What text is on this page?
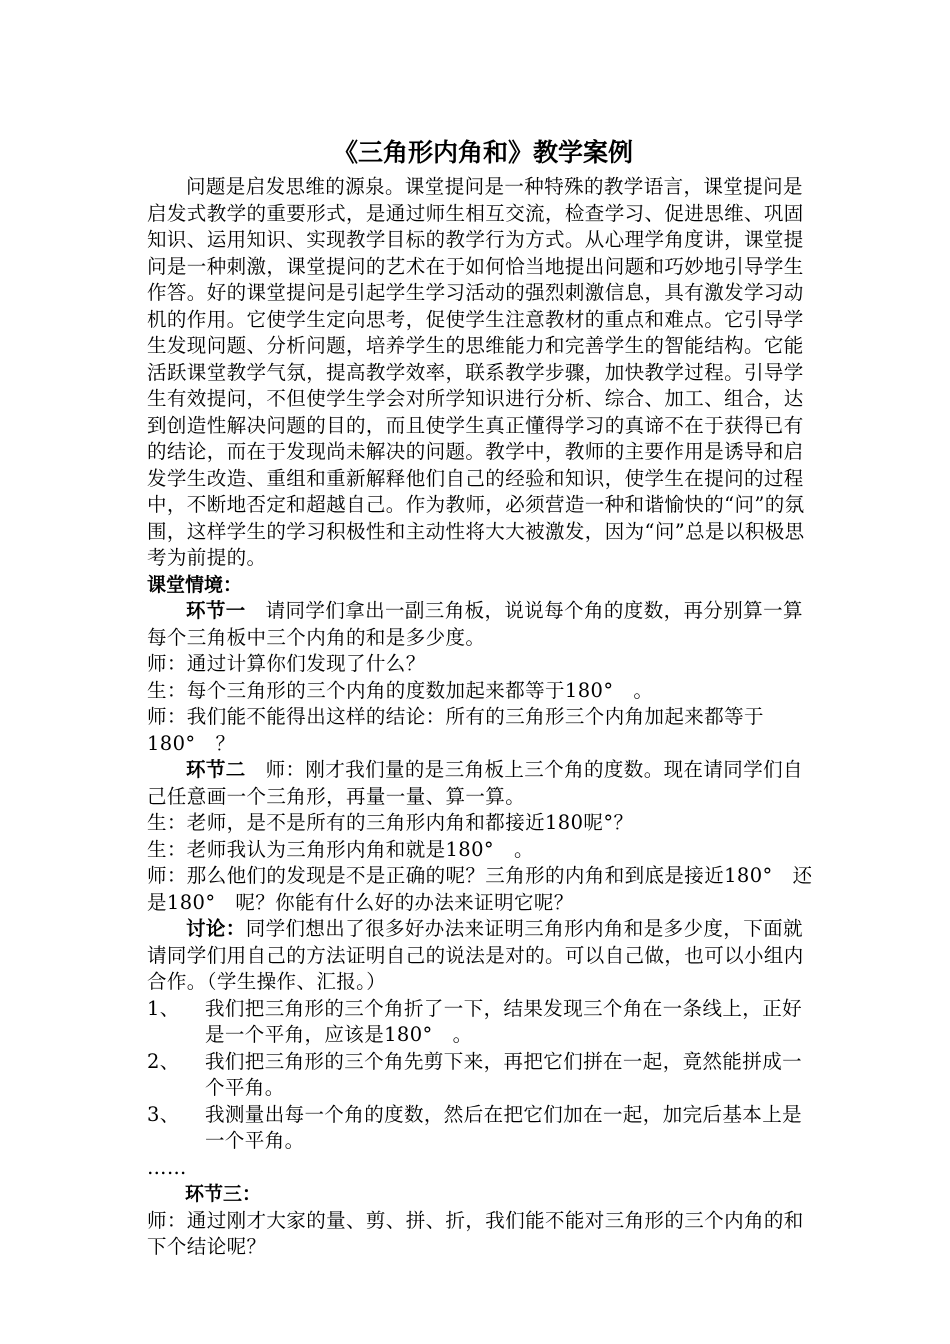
《三角形内角和》教学案例

问题是启发思维的源泉。课堂提问是一种特殊的教学语言，课堂提问是启发式教学的重要形式，是通过师生相互交流，检查学习、促进思维、巩固知识、运用知识、实现教学目标的教学行为方式。从心理学角度讲，课堂提问是一种刺激，课堂提问的艺术在于如何恰当地提出问题和巧妙地引导学生作答。好的课堂提问是引起学生学习活动的强烈刺激信息，具有激发学习动机的作用。它使学生定向思考，促使学生注意教材的重点和难点。它引导学生发现问题、分析问题，培养学生的思维能力和完善学生的智能结构。它能活跃课堂教学气氛，提高教学效率，联系教学步骤，加快教学过程。引导学生有效提问，不但使学生学会对所学知识进行分析、综合、加工、组合，达到创造性解决问题的目的，而且使学生真正懂得学习的真谛不在于获得已有的结论，而在于发现尚未解决的问题。教学中，教师的主要作用是诱导和启发学生改造、重组和重新解释他们自己的经验和知识，使学生在提问的过程中，不断地否定和超越自己。作为教师，必须营造一种和谐愉快的“问”的氛围，这样学生的学习积极性和主动性将大大被激发，因为“问”总是以积极思考为前提的。

课堂情境：

环节一　请同学们拿出一副三角板，说说每个角的度数，再分别算一算每个三角板中三个内角的和是多少度。

师：通过计算你们发现了什么？

生：每个三角形的三个内角的度数加起来都等于180°　。

师：我们能不能得出这样的结论：所有的三角形三个内角加起来都等于180°　？

环节二　师：刚才我们量的是三角板上三个角的度数。现在请同学们自己任意画一个三角形，再量一量、算一算。

生：老师，是不是所有的三角形内角和都接近180呢°？

生：老师我认为三角形内角和就是180°　。

师：那么他们的发现是不是正确的呢？三角形的内角和到底是接近180°　还是180°　呢？你能有什么好的办法来证明它呢？

讨论：同学们想出了很多好办法来证明三角形内角和是多少度，下面就请同学们用自己的方法证明自己的说法是对的。可以自己做，也可以小组内合作。（学生操作、汇报。）

1、 我们把三角形的三个角折了一下，结果发现三个角在一条线上，正好是一个平角，应该是180°　。

2、 我们把三角形的三个角先剪下来，再把它们拼在一起，竟然能拼成一个平角。

3、 我测量出每一个角的度数，然后在把它们加在一起，加完后基本上是一个平角。

……

环节三：

师：通过刚才大家的量、剪、拼、折，我们能不能对三角形的三个内角的和下个结论呢？
